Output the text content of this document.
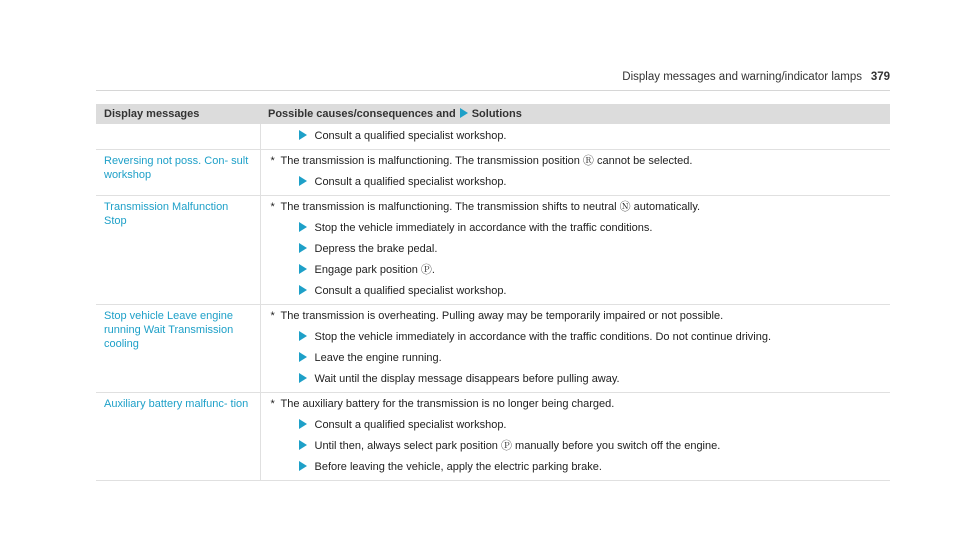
Display messages and warning/indicator lamps 379
Display messages	Possible causes/consequences and Solutions

	Consult a qualified specialist workshop.

Reversing not poss. Con- sult workshop	* The transmission is malfunctioning. The transmission position Ⓡ cannot be selected.
Consult a qualified specialist workshop.

Transmission Malfunction Stop	* The transmission is malfunctioning. The transmission shifts to neutral Ⓝ automatically.
Stop the vehicle immediately in accordance with the traffic conditions.
Depress the brake pedal.
Engage park position Ⓟ.
Consult a qualified specialist workshop.

Stop vehicle Leave engine running Wait Transmission cooling	* The transmission is overheating. Pulling away may be temporarily impaired or not possible.
Stop the vehicle immediately in accordance with the traffic conditions. Do not continue driving.
Leave the engine running.
Wait until the display message disappears before pulling away.

Auxiliary battery malfunc- tion	* The auxiliary battery for the transmission is no longer being charged.
Consult a qualified specialist workshop.
Until then, always select park position Ⓟ manually before you switch off the engine.
Before leaving the vehicle, apply the electric parking brake.
